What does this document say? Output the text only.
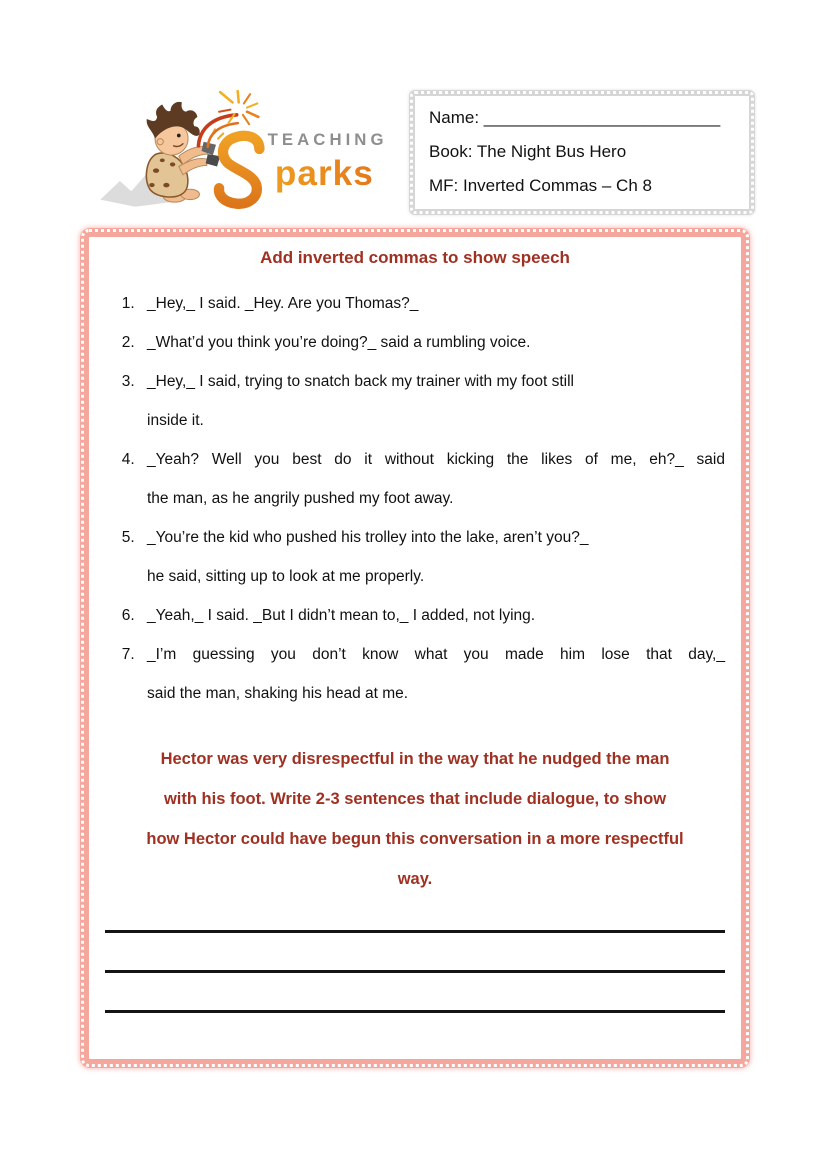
TEACHING
parks
Name: _________________________
Book: The Night Bus Hero
MF: Inverted Commas – Ch 8
Add inverted commas to show speech
1. _Hey,_ I said. _Hey. Are you Thomas?_
2. _What’d you think you’re doing?_ said a rumbling voice.
3. _Hey,_ I said, trying to snatch back my trainer with my foot still
inside it.
4. _Yeah? Well you best do it without kicking the likes of me, eh?_ said
the man, as he angrily pushed my foot away.
5. _You’re the kid who pushed his trolley into the lake, aren’t you?_
he said, sitting up to look at me properly.
6. _Yeah,_ I said. _But I didn’t mean to,_ I added, not lying.
7. _I’m guessing you don’t know what you made him lose that day,_
said the man, shaking his head at me.
Hector was very disrespectful in the way that he nudged the man
with his foot. Write 2-3 sentences that include dialogue, to show
how Hector could have begun this conversation in a more respectful
way.
